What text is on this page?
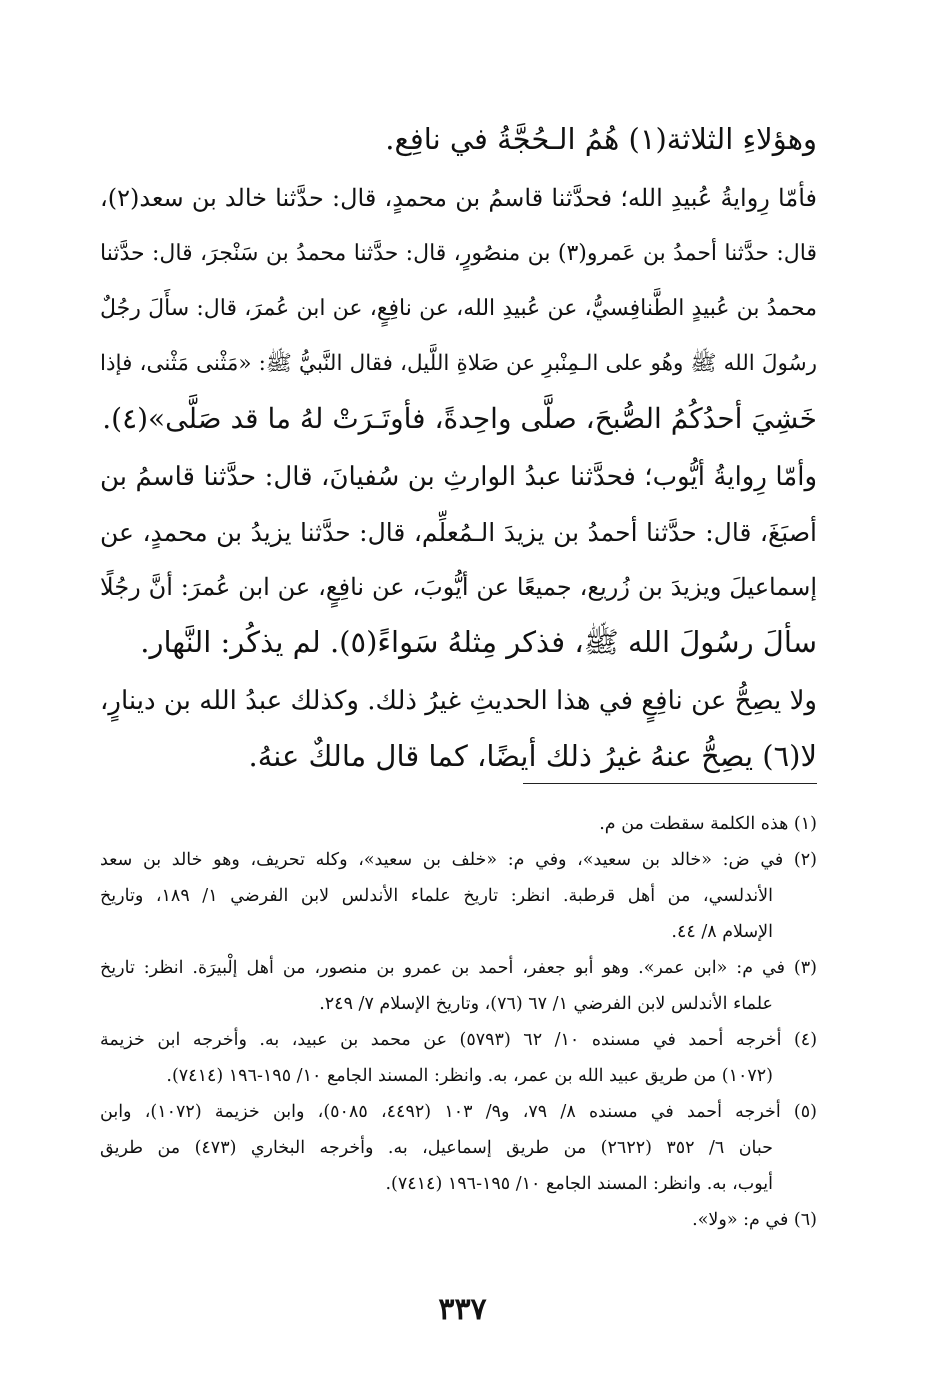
وهؤلاءِ الثلاثة(١) هُمُ الـحُجَّةُ في نافِع.
فأمّا رِوايةُ عُبيدِ الله؛ فحدَّثنا قاسمُ بن محمدٍ، قال: حدَّثنا خالد بن سعد(٢)،
قال: حدَّثنا أحمدُ بن عَمرو(٣) بن منصُورٍ، قال: حدَّثنا محمدُ بن سَنْجرَ، قال: حدَّثنا
محمدُ بن عُبيدٍ الطَّنافِسيُّ، عن عُبيدِ الله، عن نافِعٍ، عن ابن عُمرَ، قال: سأَلَ رجُلٌ
رسُولَ الله ﷺ وهُو على الـمِنْبرِ عن صَلاةِ اللَّيل، فقال النَّبيُّ ﷺ: «مَثْنى مَثْنى، فإذا
خَشِيَ أحدُكُمُ الصُّبحَ، صلَّى واحِدةً، فأوتَـرَتْ لهُ ما قد صَلَّى»(٤).
وأمّا رِوايةُ أيُّوب؛ فحدَّثنا عبدُ الوارثِ بن سُفيانَ، قال: حدَّثنا قاسمُ بن
أصبَغَ، قال: حدَّثنا أحمدُ بن يزيدَ الـمُعلِّم، قال: حدَّثنا يزيدُ بن محمدٍ، عن
إسماعيلَ ويزيدَ بن زُريع، جميعًا عن أيُّوبَ، عن نافِعٍ، عن ابن عُمرَ: أنَّ رجُلًا
سألَ رسُولَ الله ﷺ، فذكر مِثلهُ سَواءً(٥). لم يذكُر: النَّهار.
ولا يصِحُّ عن نافِعٍ في هذا الحديثِ غيرُ ذلك. وكذلك عبدُ الله بن دينارٍ،
لا(٦) يصِحُّ عنهُ غيرُ ذلك أيضًا، كما قال مالكٌ عنهُ.
(١) هذه الكلمة سقطت من م.
(٢) في ض: «خالد بن سعيد»، وفي م: «خلف بن سعيد»، وكله تحريف، وهو خالد بن سعد
الأندلسي، من أهل قرطبة. انظر: تاريخ علماء الأندلس لابن الفرضي ١/ ١٨٩، وتاريخ
الإسلام ٨/ ٤٤.
(٣) في م: «ابن عمر». وهو أبو جعفر، أحمد بن عمرو بن منصور، من أهل إلْبيرَة. انظر: تاريخ
علماء الأندلس لابن الفرضي ١/ ٦٧ (٧٦)، وتاريخ الإسلام ٧/ ٢٤٩.
(٤) أخرجه أحمد في مسنده ١٠/ ٦٢ (٥٧٩٣) عن محمد بن عبيد، به. وأخرجه ابن خزيمة
(١٠٧٢) من طريق عبيد الله بن عمر، به. وانظر: المسند الجامع ١٠/ ١٩٥-١٩٦ (٧٤١٤).
(٥) أخرجه أحمد في مسنده ٨/ ٧٩، و٩/ ١٠٣ (٤٤٩٢، ٥٠٨٥)، وابن خزيمة (١٠٧٢)، وابن
حبان ٦/ ٣٥٢ (٢٦٢٢) من طريق إسماعيل، به. وأخرجه البخاري (٤٧٣) من طريق
أيوب، به. وانظر: المسند الجامع ١٠/ ١٩٥-١٩٦ (٧٤١٤).
(٦) في م: «ولا».
٣٣٧
